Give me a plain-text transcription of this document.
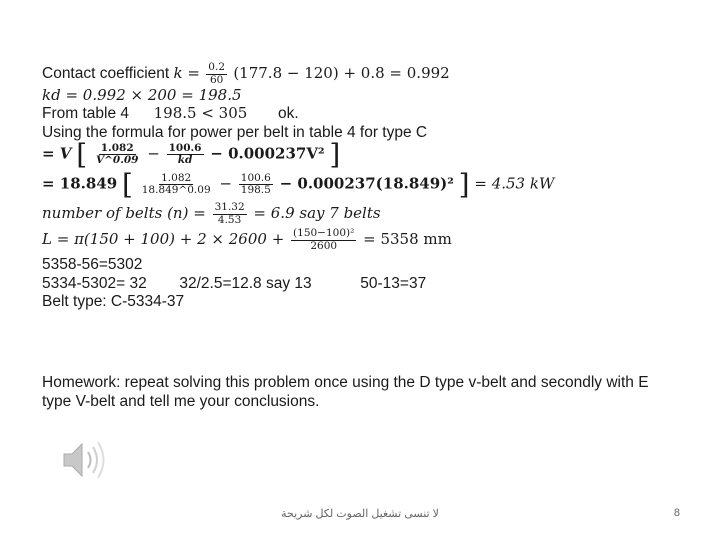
Contact coefficient $k = \frac{0.2}{60} (177.8 - 120) + 0.8 = 0.992$
kd = 0.992 × 200 = 198.5
From table 4 198.5 < 305 ok.
Using the formula for power per belt in table 4 for type C
= V [ $\frac{1.082}{V\^{}0.09} - \frac{100.6}{kd} - 0.000237V^2$ ]
= 18.849 [ $\frac{1.082}{18.849\^{}0.09} - \frac{100.6}{198.5} - 0.000237(18.849)^2$ ] = 4.53 kW
number of belts $(n) = \frac{31.32}{4.53} = 6.9$ say 7 belts
$L = \pi(150 + 100) + 2 \times 2600 + \frac{\text{(150−100)²}}{2600} = 5358$ mm
5358-56=5302
5334-5302= 32 32/2.5=12.8 say 13	50-13=37
Belt type: C-5334-37
Homework: repeat solving this problem once using the D type v-belt and secondly with E type V-belt and tell me your conclusions.
لا تنسى تشغيل الصوت لكل شريحة	8
